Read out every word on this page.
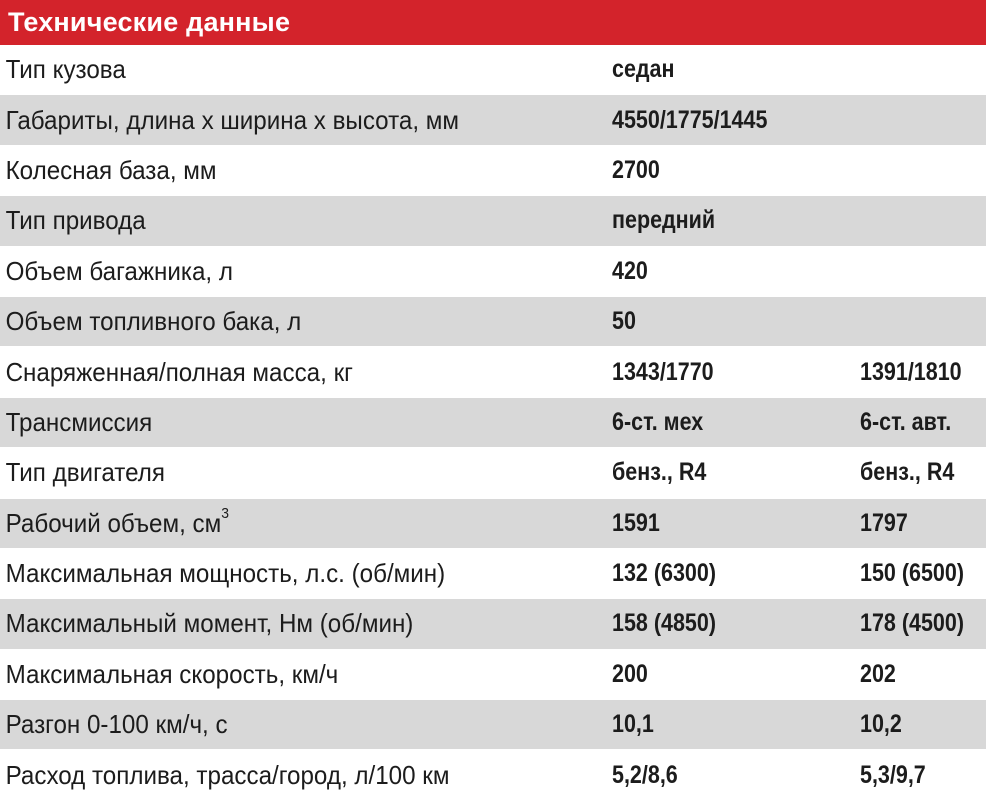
Технические данные
Тип кузова	седан
Габариты, длина х ширина х высота, мм	4550/1775/1445
Колесная база, мм	2700
Тип привода	передний
Объем багажника, л	420
Объем топливного бака, л	50
Снаряженная/полная масса, кг	1343/1770	1391/1810
Трансмиссия	6-ст. мех	6-ст. авт.
Тип двигателя	бенз., R4	бенз., R4
Рабочий объем, $см^3$	1591	1797
Максимальная мощность, л.с. (об/мин)	132 (6300)	150 (6500)
Максимальный момент, Нм (об/мин)	158 (4850)	178 (4500)
Максимальная скорость, км/ч	200	202
Разгон 0-100 км/ч, с	10,1	10,2
Расход топлива, трасса/город, л/100 км	5,2/8,6	5,3/9,7
